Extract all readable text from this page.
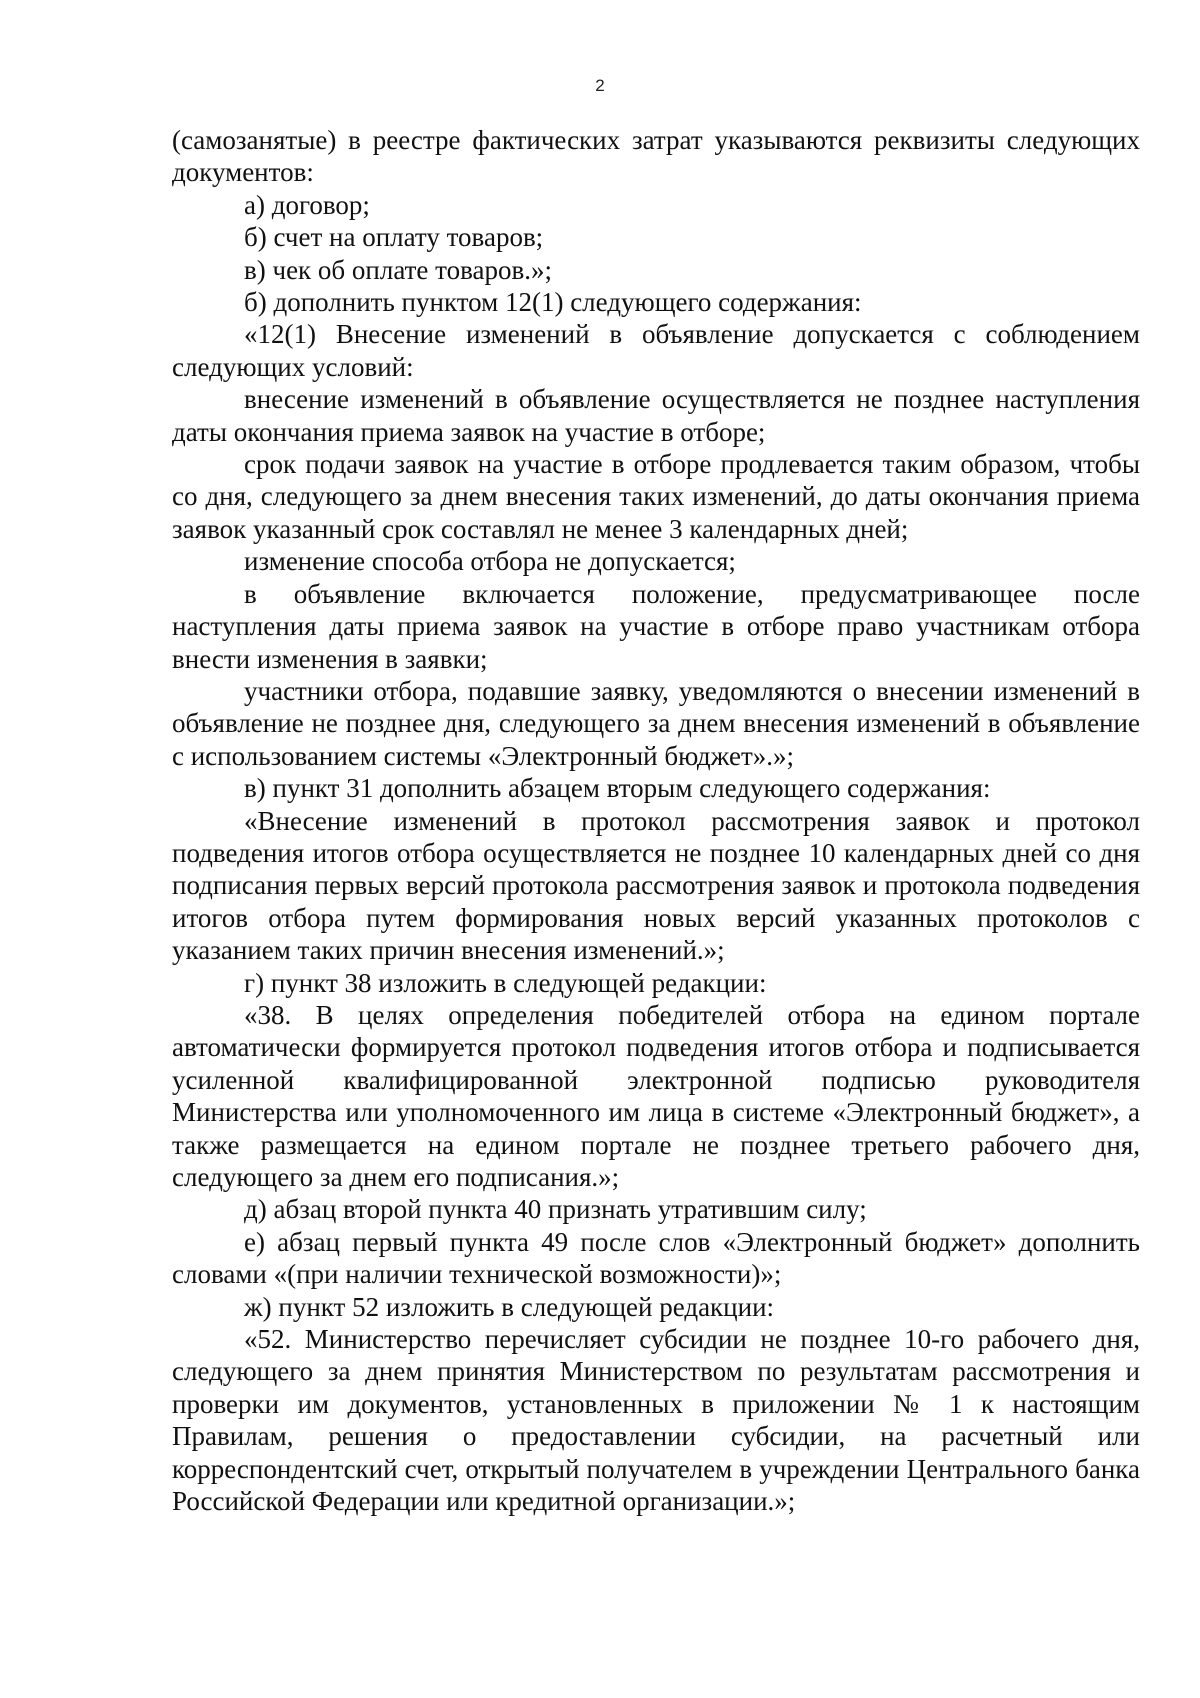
2

(самозанятые) в реестре фактических затрат указываются реквизиты следующих документов:

а) договор;

б) счет на оплату товаров;

в) чек об оплате товаров.»;

б) дополнить пунктом 12(1) следующего содержания:

«12(1) Внесение изменений в объявление допускается с соблюдением следующих условий:

внесение изменений в объявление осуществляется не позднее наступления даты окончания приема заявок на участие в отборе;

срок подачи заявок на участие в отборе продлевается таким образом, чтобы со дня, следующего за днем внесения таких изменений, до даты окончания приема заявок указанный срок составлял не менее 3 календарных дней;

изменение способа отбора не допускается;

в объявление включается положение, предусматривающее после наступления даты приема заявок на участие в отборе право участникам отбора внести изменения в заявки;

участники отбора, подавшие заявку, уведомляются о внесении изменений в объявление не позднее дня, следующего за днем внесения изменений в объявление с использованием системы «Электронный бюджет».»;

в) пункт 31 дополнить абзацем вторым следующего содержания:

«Внесение изменений в протокол рассмотрения заявок и протокол подведения итогов отбора осуществляется не позднее 10 календарных дней со дня подписания первых версий протокола рассмотрения заявок и протокола подведения итогов отбора путем формирования новых версий указанных протоколов с указанием таких причин внесения изменений.»;

г) пункт 38 изложить в следующей редакции:

«38. В целях определения победителей отбора на едином портале автоматически формируется протокол подведения итогов отбора и подписывается усиленной квалифицированной электронной подписью руководителя Министерства или уполномоченного им лица в системе «Электронный бюджет», а также размещается на едином портале не позднее третьего рабочего дня, следующего за днем его подписания.»;

д) абзац второй пункта 40 признать утратившим силу;

е) абзац первый пункта 49 после слов «Электронный бюджет» дополнить словами «(при наличии технической возможности)»;

ж) пункт 52 изложить в следующей редакции:

«52. Министерство перечисляет субсидии не позднее 10-го рабочего дня, следующего за днем принятия Министерством по результатам рассмотрения и проверки им документов, установленных в приложении № 1 к настоящим Правилам, решения о предоставлении субсидии, на расчетный или корреспондентский счет, открытый получателем в учреждении Центрального банка Российской Федерации или кредитной организации.»;
